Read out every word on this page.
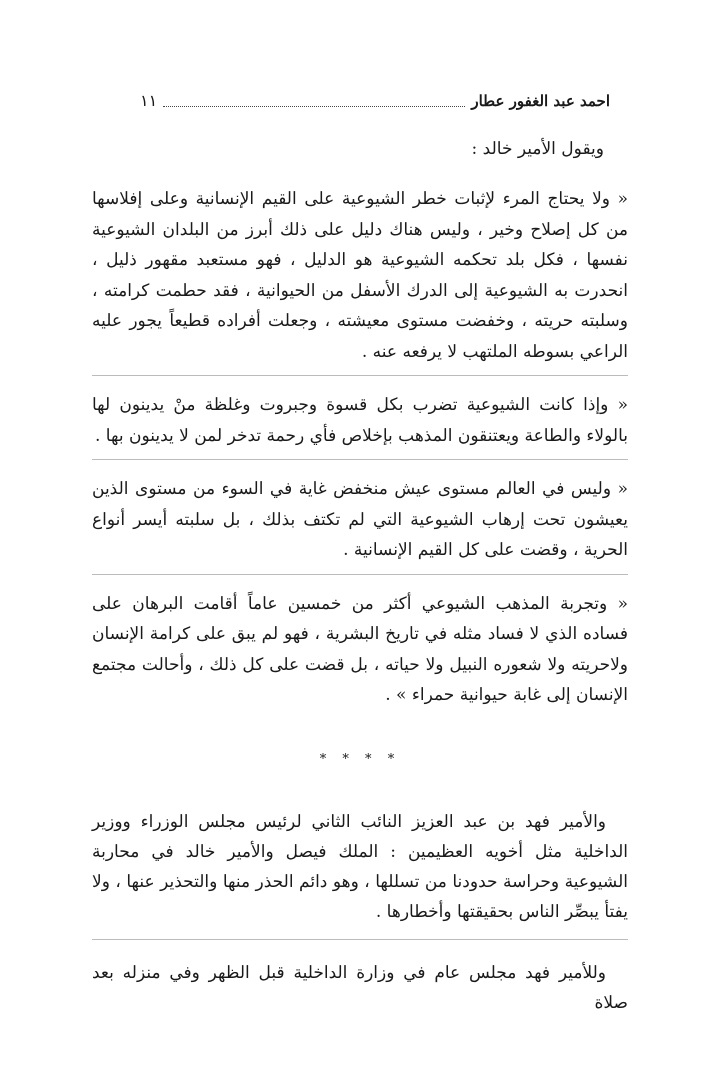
احمد عبد الغفور عطار
١١

ويقول الأمير خالد :

« ولا يحتاج المرء لإثبات خطر الشيوعية على القيم الإنسانية وعلى إفلاسها من كل إصلاح وخير ، وليس هناك دليل على ذلك أبرز من البلدان الشيوعية نفسها ، فكل بلد تحكمه الشيوعية هو الدليل ، فهو مستعبد مقهور ذليل ، انحدرت به الشيوعية إلى الدرك الأسفل من الحيوانية ، فقد حطمت كرامته ، وسلبته حريته ، وخفضت مستوى معيشته ، وجعلت أفراده قطيعاً يجور عليه الراعي بسوطه الملتهب لا يرفعه عنه .

« وإذا كانت الشيوعية تضرب بكل قسوة وجبروت وغلظة منْ يدينون لها بالولاء والطاعة ويعتنقون المذهب بإخلاص فأي رحمة تدخر لمن لا يدينون بها .

« وليس في العالم مستوى عيش منخفض غاية في السوء من مستوى الذين يعيشون تحت إرهاب الشيوعية التي لم تكتف بذلك ، بل سلبته أيسر أنواع الحرية ، وقضت على كل القيم الإنسانية .

« وتجربة المذهب الشيوعي أكثر من خمسين عاماً أقامت البرهان على فساده الذي لا فساد مثله في تاريخ البشرية ، فهو لم يبق على كرامة الإنسان ولاحريته ولا شعوره النبيل ولا حياته ، بل قضت على كل ذلك ، وأحالت مجتمع الإنسان إلى غابة حيوانية حمراء » .

* * * *

والأمير فهد بن عبد العزيز النائب الثاني لرئيس مجلس الوزراء ووزير الداخلية مثل أخويه العظيمين : الملك فيصل والأمير خالد في محاربة الشيوعية وحراسة حدودنا من تسللها ، وهو دائم الحذر منها والتحذير عنها ، ولا يفتأ يبصِّر الناس بحقيقتها وأخطارها .

وللأمير فهد مجلس عام في وزارة الداخلية قبل الظهر وفي منزله بعد صلاة
